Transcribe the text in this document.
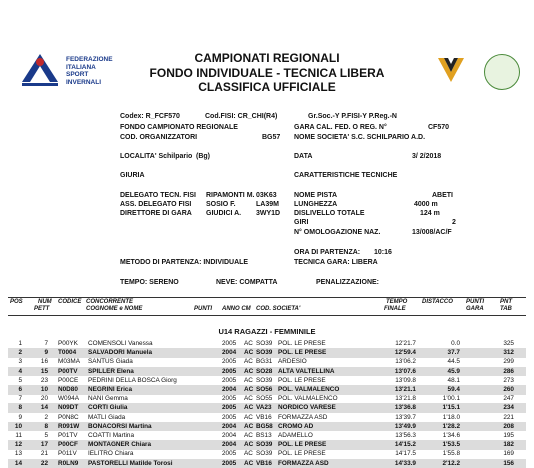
FEDERAZIONE
ITALIANA
SPORT
INVERNALI
CAMPIONATI REGIONALI
FONDO INDIVIDUALE - TECNICA LIBERA
CLASSIFICA UFFICIALE
Codex: R_FCF570	Cod.FISI: CR_CHI(R4)	Gr.Soc.-Y P.FISI-Y P.Reg.-N
FONDO CAMPIONATO REGIONALE	GARA CAL. FED. O REG. N°	CF570
COD. ORGANIZZATORI	BG57 NOME SOCIETA' S.C. SCHILPARIO A.D.
LOCALITA' Schilpario (Bg)	DATA	3/ 2/2018
GIURIA	CARATTERISTICHE TECNICHE
DELEGATO TECN. FISI RIPAMONTI M. 03K63 NOME PISTA	ABETI
ASS. DELEGATO FISI SOSIO F.	LA39M LUNGHEZZA	4000 m
DIRETTORE DI GARA GIUDICI A. 3WY1D DISLIVELLO TOTALE	124 m
GIRI	2
N° OMOLOGAZIONE NAZ.	13/008/AC/F
ORA DI PARTENZA: 10:16
METODO DI PARTENZA: INDIVIDUALE	TECNICA GARA: LIBERA
TEMPO: SERENO	NEVE: COMPATTA	PENALIZZAZIONE:
POS	NUM
PETT
CODICE CONCORRENTE
COGNOME e NOME	PUNTI ANNO CM COD. SOCIETA'
TEMPO
FINALE
DISTACCO PUNTI
GARA
PNT
TAB
U14 RAGAZZI - FEMMINILE
1	7 P00YK	COMENSOLI Vanessa	2005	AC SO39 POL. LE PRESE	12'21.7	0.0	325
2	9 T0004	SALVADORI Manuela	2004	AC SO39 POL. LE PRESE	12'59.4	37.7	312
3	16 M03MA	SANTUS Giada	2005	AC BG31 ARDESIO	13'06.2	44.5	299
4	15 P00TV	SPILLER Elena	2005	AC SO28 ALTA VALTELLINA	13'07.6	45.9	286
5	23 P00CE	PEDRINI DELLA BOSCA Giorg	2005	AC SO39 POL. LE PRESE	13'09.8	48.1	273
6	10 N0D80	NEGRINI Erica	2004	AC SO56 POL. VALMALENCO	13'21.1	59.4	260
7	20 W094A	NANI Gemma	2005	AC SO55 POL. VALMALENCO	13'21.8	1'00.1	247
8	14 N09DT	CORTI Giulia	2005	AC VA23	NORDICO VARESE	13'36.8	1'15.1	234
9	2 P0N8C	MATLI Giada	2005	AC VB16 FORMAZZA ASD	13'39.7	1'18.0	221
10	8 R091W	BONACORSI Martina	2004	AC BG58 CROMO AD	13'49.9	1'28.2	208
11	5 P01TV	COATTI Martina	2004	AC BS13 ADAMELLO	13'56.3	1'34.6	195
12	17 P00CF	MONTAGNER Chiara	2004	AC SO39 POL. LE PRESE	14'15.2	1'53.5	182
13	21 P011V	IELITRO Chiara	2005	AC SO39 POL. LE PRESE	14'17.5	1'55.8	169
14	22 R0LN9	PASTORELLI Matilde Torosi	2005	AC VB16 FORMAZZA ASD	14'33.9	2'12.2	156
